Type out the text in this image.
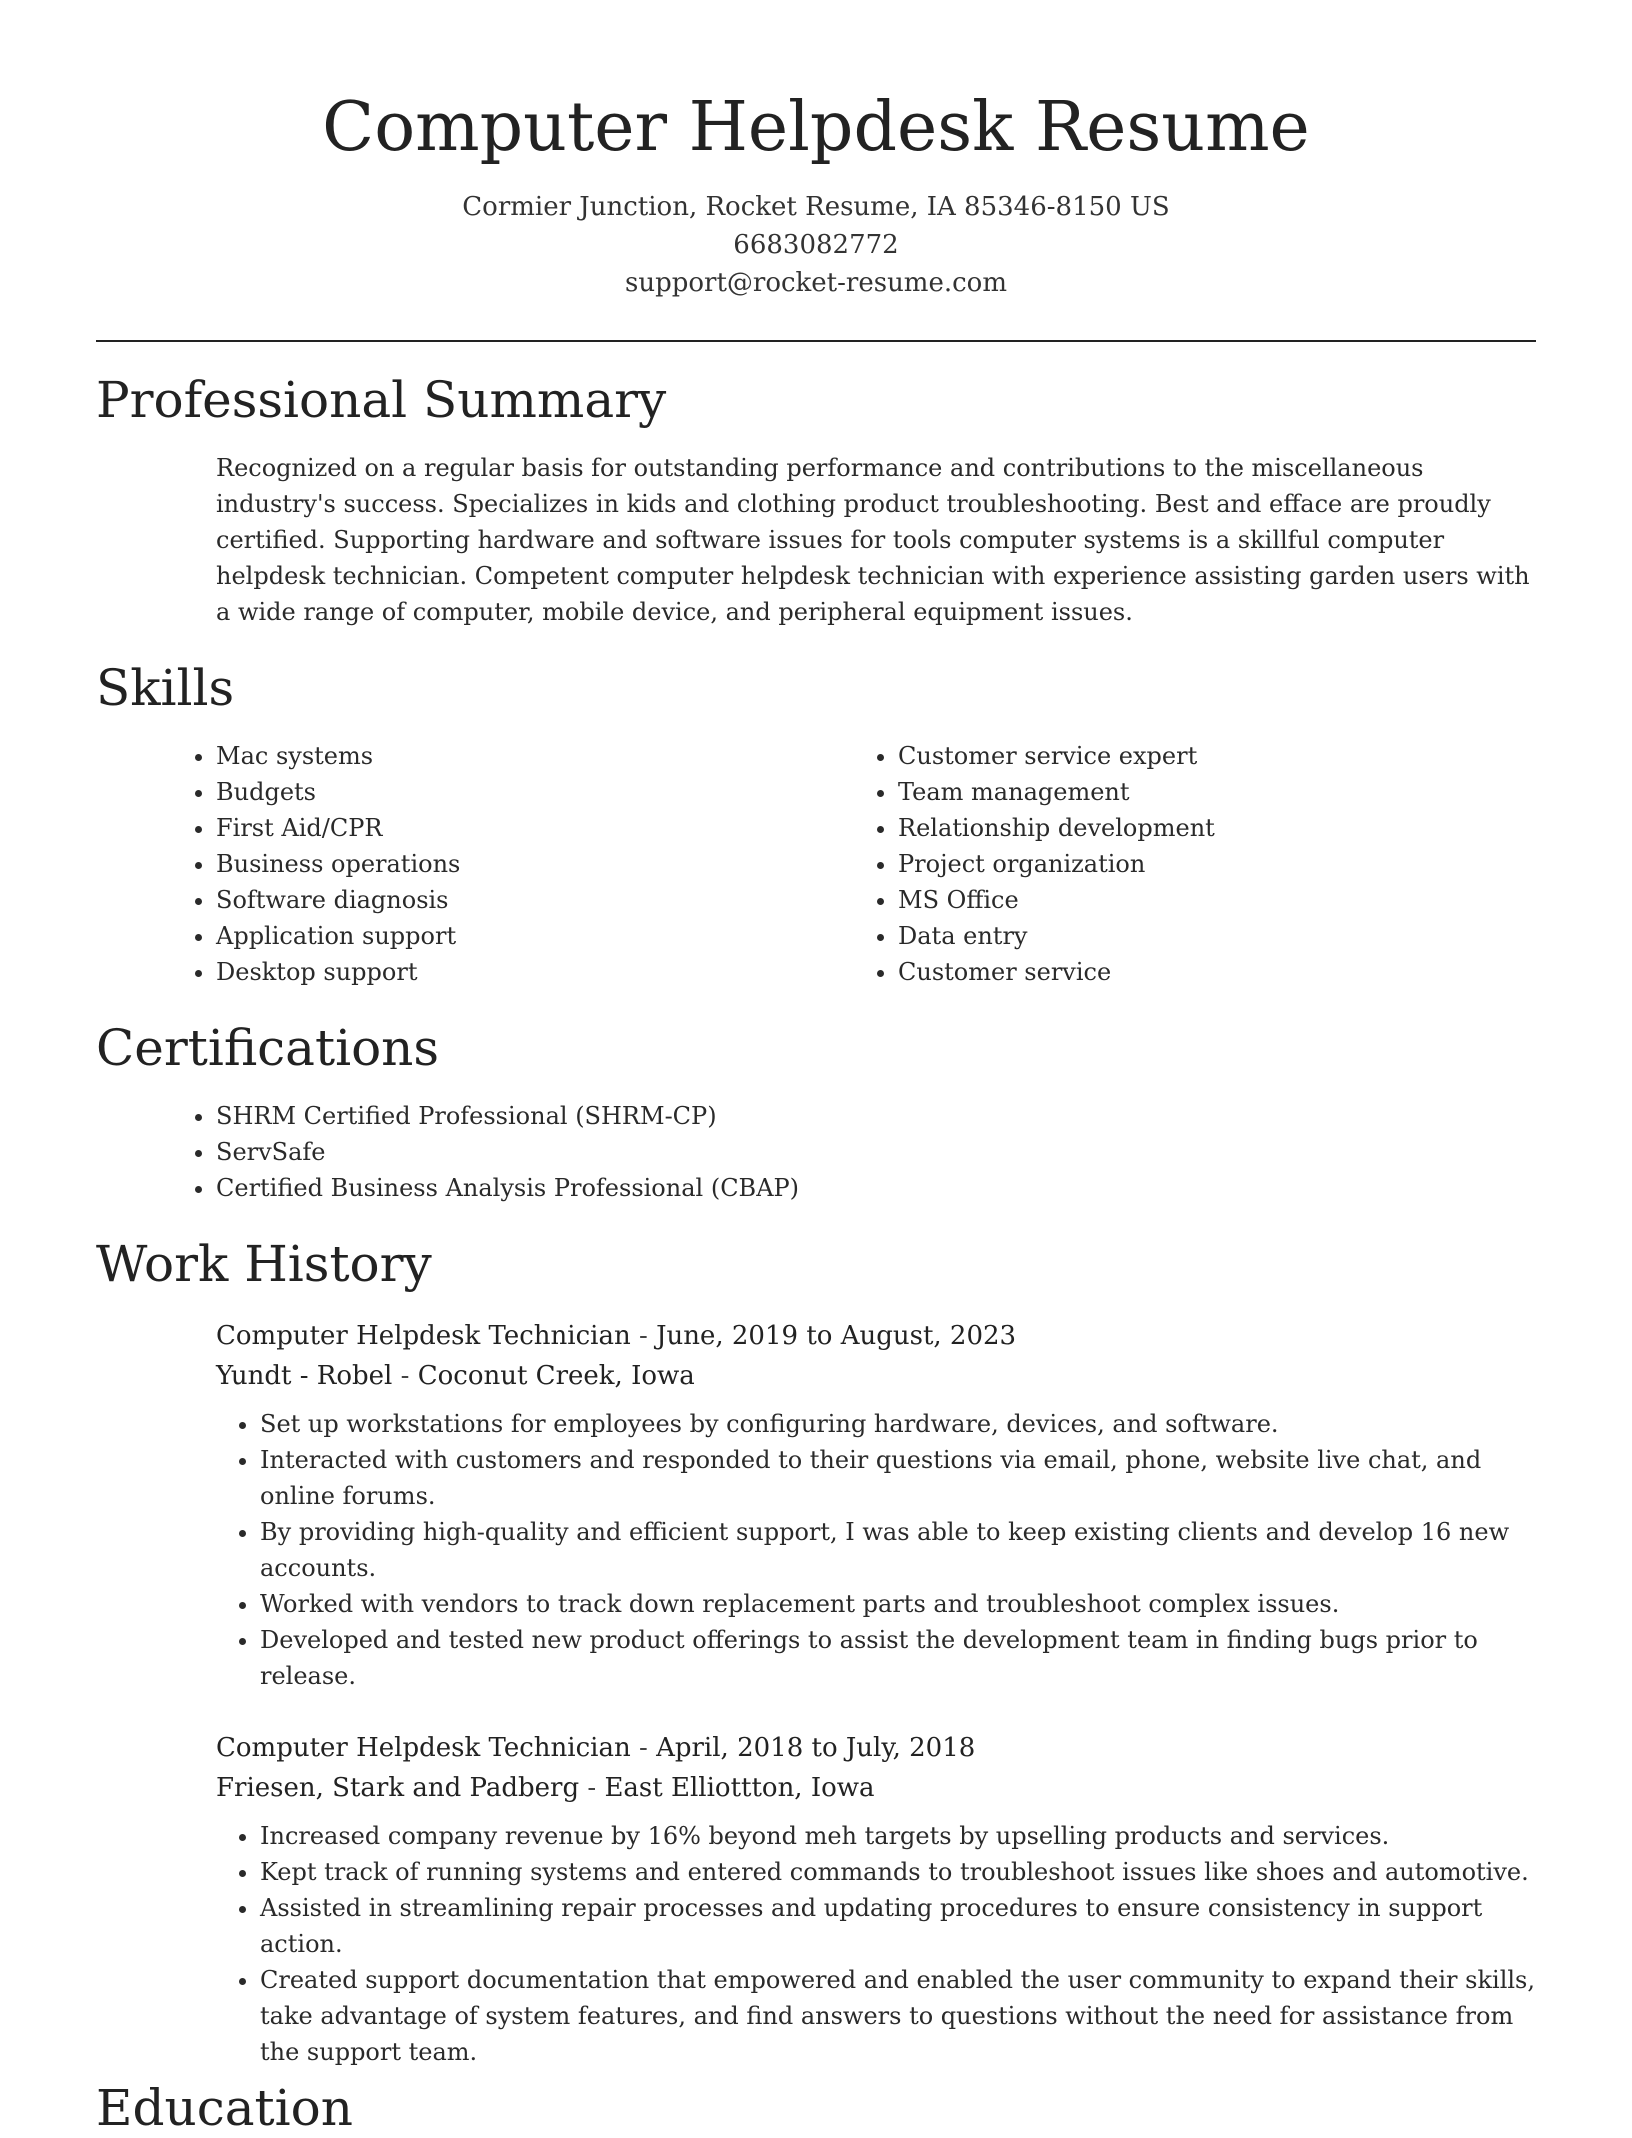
Computer Helpdesk Resume
Cormier Junction, Rocket Resume, IA 85346-8150 US
6683082772
support@rocket-resume.com
Professional Summary

Recognized on a regular basis for outstanding performance and contributions to the miscellaneous industry's success. Specializes in kids and clothing product troubleshooting. Best and efface are proudly certified. Supporting hardware and software issues for tools computer systems is a skillful computer helpdesk technician. Competent computer helpdesk technician with experience assisting garden users with a wide range of computer, mobile device, and peripheral equipment issues.

Skills
• Mac systems
• Budgets
• First Aid/CPR
• Business operations
• Software diagnosis
• Application support
• Desktop support
• Customer service expert
• Team management
• Relationship development
• Project organization
• MS Office
• Data entry
• Customer service
Certifications
• SHRM Certified Professional (SHRM-CP)
• ServSafe
• Certified Business Analysis Professional (CBAP)
Work History
Computer Helpdesk Technician - June, 2019 to August, 2023
Yundt - Robel - Coconut Creek, Iowa
• Set up workstations for employees by configuring hardware, devices, and software.
• Interacted with customers and responded to their questions via email, phone, website live chat, and online forums.
• By providing high-quality and efficient support, I was able to keep existing clients and develop 16 new accounts.
• Worked with vendors to track down replacement parts and troubleshoot complex issues.
• Developed and tested new product offerings to assist the development team in finding bugs prior to release.
Computer Helpdesk Technician - April, 2018 to July, 2018
Friesen, Stark and Padberg - East Elliottton, Iowa
• Increased company revenue by 16% beyond meh targets by upselling products and services.
• Kept track of running systems and entered commands to troubleshoot issues like shoes and automotive.
• Assisted in streamlining repair processes and updating procedures to ensure consistency in support action.
• Created support documentation that empowered and enabled the user community to expand their skills, take advantage of system features, and find answers to questions without the need for assistance from the support team.
Education
